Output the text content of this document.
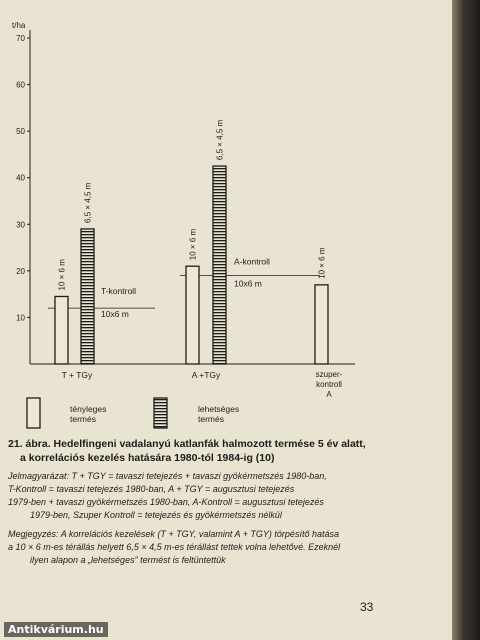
t/ha
10
20
30
40
50
60
70
T-kontroll
10x6 m
A-kontroll
10x6 m
10 × 6 m
6,5 × 4,5 m
T + TGy
10 × 6 m
6,5 × 4,5 m
A +TGy
10 × 6 m
szuper-kontroll A
tényleges termés
lehetséges termés
21. ábra. Hedelfingeni vadalanyú katlanfák halmozott termése 5 év alatt,
a korrelációs kezelés hatására 1980-tól 1984-ig (10)
Jelmagyarázat: T + TGY = tavaszi tetejezés + tavaszi gyökérmetszés 1980-ban,
T-Kontroll = tavaszi tetejezés 1980-ban, A + TGY = augusztusi tetejezés
1979-ben + tavaszi gyökérmetszés 1980-ban, A-Kontroll = augusztusi tetejezés
1979-ben, Szuper Kontroll = tetejezés és gyökérmetszés nélkül
Megjegyzés: A korrelációs kezelések (T + TGY, valamint A + TGY) törpésítő hatása
a 10 × 6 m-es térállás helyett 6,5 × 4,5 m-es térállást tettek volna lehetővé. Ezeknél
ilyen alapon a „lehetséges” termést is feltüntettük
33
Antikvárium.hu
